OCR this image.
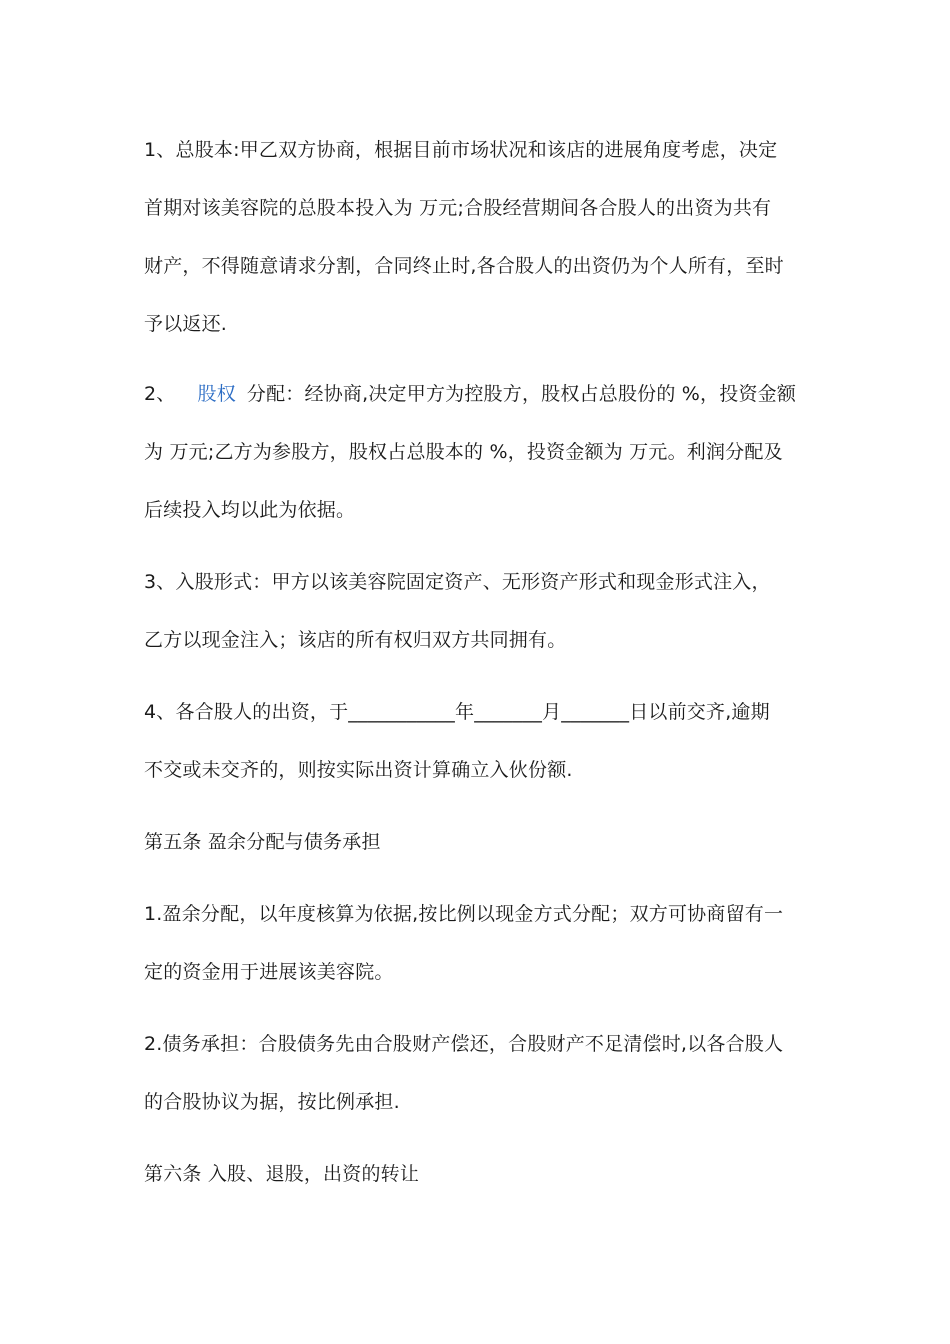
1、总股本:甲乙双方协商，根据目前市场状况和该店的进展角度考虑，决定
首期对该美容院的总股本投入为 万元;合股经营期间各合股人的出资为共有
财产，不得随意请求分割，合同终止时,各合股人的出资仍为个人所有，至时
予以返还.
2、 股权 分配：经协商,决定甲方为控股方，股权占总股份的 %，投资金额
为 万元;乙方为参股方，股权占总股本的 %，投资金额为 万元。利润分配及
后续投入均以此为依据。
3、入股形式：甲方以该美容院固定资产、无形资产形式和现金形式注入，
乙方以现金注入；该店的所有权归双方共同拥有。
4、各合股人的出资，于___________年_______月_______日以前交齐,逾期
不交或未交齐的，则按实际出资计算确立入伙份额.
第五条 盈余分配与债务承担
1.盈余分配，以年度核算为依据,按比例以现金方式分配；双方可协商留有一
定的资金用于进展该美容院。
2.债务承担：合股债务先由合股财产偿还，合股财产不足清偿时,以各合股人
的合股协议为据，按比例承担.
第六条 入股、退股，出资的转让
